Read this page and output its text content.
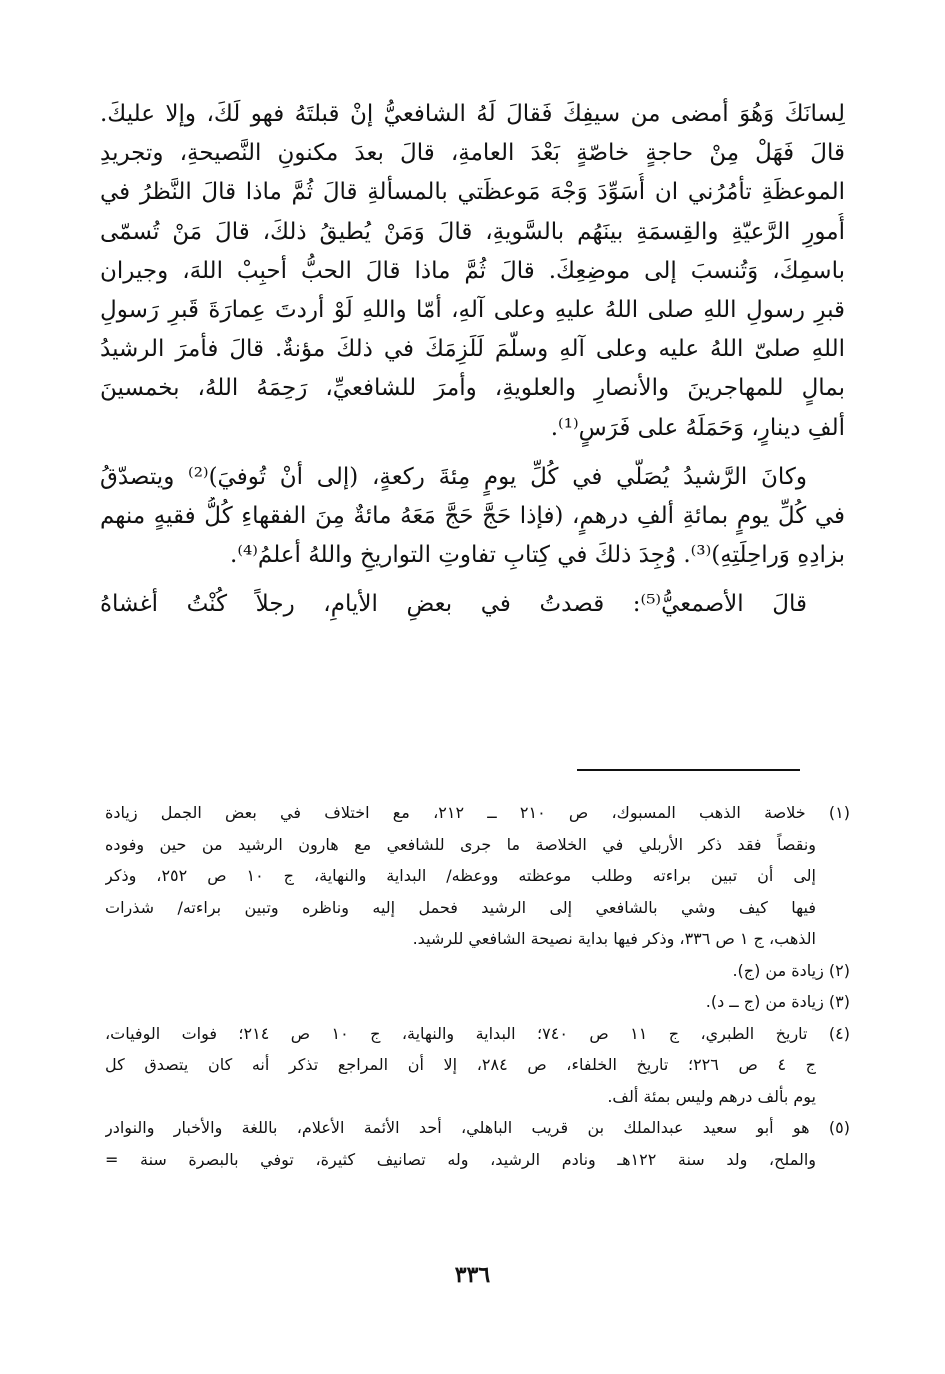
لِسانَكَ وَهُوَ أمضى من سيفِكَ فَقالَ لَهُ الشافعيُّ إنْ قبلتَهُ فهو لَكَ، وإلا عليكَ.
قالَ فَهَلْ مِنْ حاجةٍ خاصّةٍ بَعْدَ العامةِ، قالَ بعدَ مكنونِ النَّصيحةِ، وتجريدِ
الموعظَةِ تأمُرُني ان أُسَوِّدَ وَجْهَ مَوعظَتي بالمسألةِ قالَ ثُمَّ ماذا قالَ النَّظرُ في
أُمورِ الرَّعيّةِ والقِسمَةِ بينَهُم بالسَّويةِ، قالَ وَمَنْ يُطيقُ ذلكَ، قالَ مَنْ تُسمّى
باسمِكَ، وَتُنسبَ إلى موضِعِكَ. قالَ ثُمَّ ماذا قالَ الحبُّ أحبِبْ اللهَ، وجيران
قبرِ رسولِ اللهِ صلى اللهُ عليهِ وعلى آلهِ، أمّا واللهِ لَوْ أردتَ عِمارَةَ قَبرِ رَسولِ
اللهِ صلىّ اللهُ عليه وعلى آلهِ وسلّمَ لَلَزِمَكَ في ذلكَ مؤنةٌ. قالَ فأمرَ الرشيدُ
بمالٍ للمهاجرينَ والأنصارِ والعلويةِ، وأمرَ للشافعيِّ، رَحِمَهُ اللهُ، بخمسينَ
ألفِ دينارٍ، وَحَمَلَهُ على فَرَسٍ⁽¹⁾.
وكانَ الرَّشيدُ يُصَلّي في كُلِّ يومٍ مِئةَ ركعةٍ، (إلى أنْ تُوفيَ)⁽²⁾ ويتصدّقُ
في كُلِّ يومٍ بمائةِ ألفِ درهمٍ، (فإذا حَجَّ حَجَّ مَعَهُ مائةٌ مِنَ الفقهاءِ كُلُّ فقيهٍ منهم
بزادِهِ وَراحِلَتِهِ)⁽³⁾. وُجِدَ ذلكَ في كِتابِ تفاوتِ التواريخِ واللهُ أعلمُ⁽⁴⁾.
قالَ الأصمعيُّ⁽⁵⁾: قصدتُ في بعضِ الأيامِ، رجلاً كُنْتُ أغشاهُ
(١) خلاصة الذهب المسبوك، ص ٢١٠ ــ ٢١٢، مع اختلاف في بعض الجمل زيادة
ونقصاً فقد ذكر الأربلي في الخلاصة ما جرى للشافعي مع هارون الرشيد من حين وفوده
إلى أن تبين براءته وطلب موعظته ووعظه/ البداية والنهاية، ج ١٠ ص ٢٥٢، وذكر
فيها كيف وشي بالشافعي إلى الرشيد فحمل إليه وناظره وتبين براءته/ شذرات
الذهب، ج ١ ص ٣٣٦، وذكر فيها بداية نصيحة الشافعي للرشيد.
(٢) زيادة من (ج).
(٣) زيادة من (ج ــ د).
(٤) تاريخ الطبري، ج ١١ ص ٧٤٠؛ البداية والنهاية، ج ١٠ ص ٢١٤؛ فوات الوفيات،
ج ٤ ص ٢٢٦؛ تاريخ الخلفاء، ص ٢٨٤، إلا أن المراجع تذكر أنه كان يتصدق كل
يوم بألف درهم وليس بمئة ألف.
(٥) هو أبو سعيد عبدالملك بن قريب الباهلي، أحد الأئمة الأعلام، باللغة والأخبار والنوادر
والملح، ولد سنة ١٢٢هـ ونادم الرشيد، وله تصانيف كثيرة، توفي بالبصرة سنة =
٣٣٦
